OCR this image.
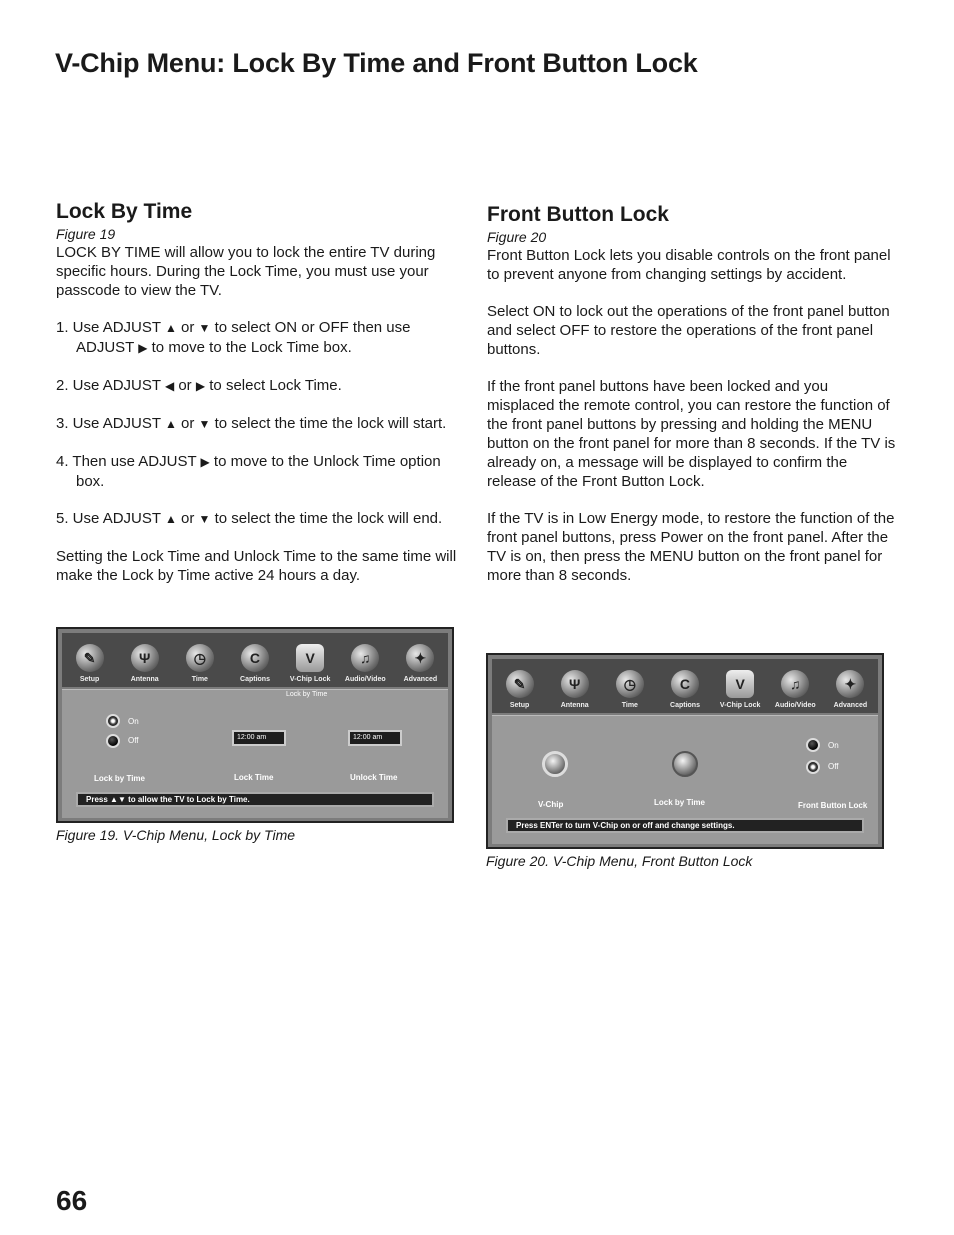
V-Chip Menu: Lock By Time and Front Button Lock
Lock By Time
Figure 19

LOCK BY TIME will allow you to lock the entire TV during specific hours. During the Lock Time, you must use your passcode to view the TV.

1. Use ADJUST ▲ or ▼ to select ON or OFF then use ADJUST ▶ to move to the Lock Time box.

2. Use ADJUST ◀ or ▶ to select Lock Time.

3. Use ADJUST ▲ or ▼ to select the time the lock will start.

4. Then use ADJUST ▶ to move to the Unlock Time option box.

5. Use ADJUST ▲ or ▼ to select the time the lock will end.

Setting the Lock Time and Unlock Time to the same time will make the Lock by Time active 24 hours a day.

Front Button Lock
Figure 20

Front Button Lock lets you disable controls on the front panel to prevent anyone from changing settings by accident.

Select ON to lock out the operations of the front panel button and select OFF to restore the operations of the front panel buttons.

If the front panel buttons have been locked and you misplaced the remote control, you can restore the function of the front panel buttons by pressing and holding the MENU button on the front panel for more than 8 seconds. If the TV is already on, a message will be displayed to confirm the release of the Front Button Lock.

If the TV is in Low Energy mode, to restore the function of the front panel buttons, press Power on the front panel. After the TV is on, then press the MENU button on the front panel for more than 8 seconds.

✎
Setup
Ψ
Antenna
◷
Time
C
Captions
V
V-Chip Lock
♫
Audio/Video
✦
Advanced
Lock by Time
On
Off	12:00 am	12:00 am
Lock by Time	Lock Time	Unlock Time
Press ▲▼ to allow the TV to Lock by Time.
Figure 19. V-Chip Menu, Lock by Time
✎
Setup
Ψ
Antenna
◷
Time
C
Captions
V
V-Chip Lock
♫
Audio/Video
✦
Advanced
On
Off
V-Chip	Lock by Time	Front Button Lock
Press ENTer to turn V-Chip on or off and change settings.
Figure 20. V-Chip Menu, Front Button Lock
66
